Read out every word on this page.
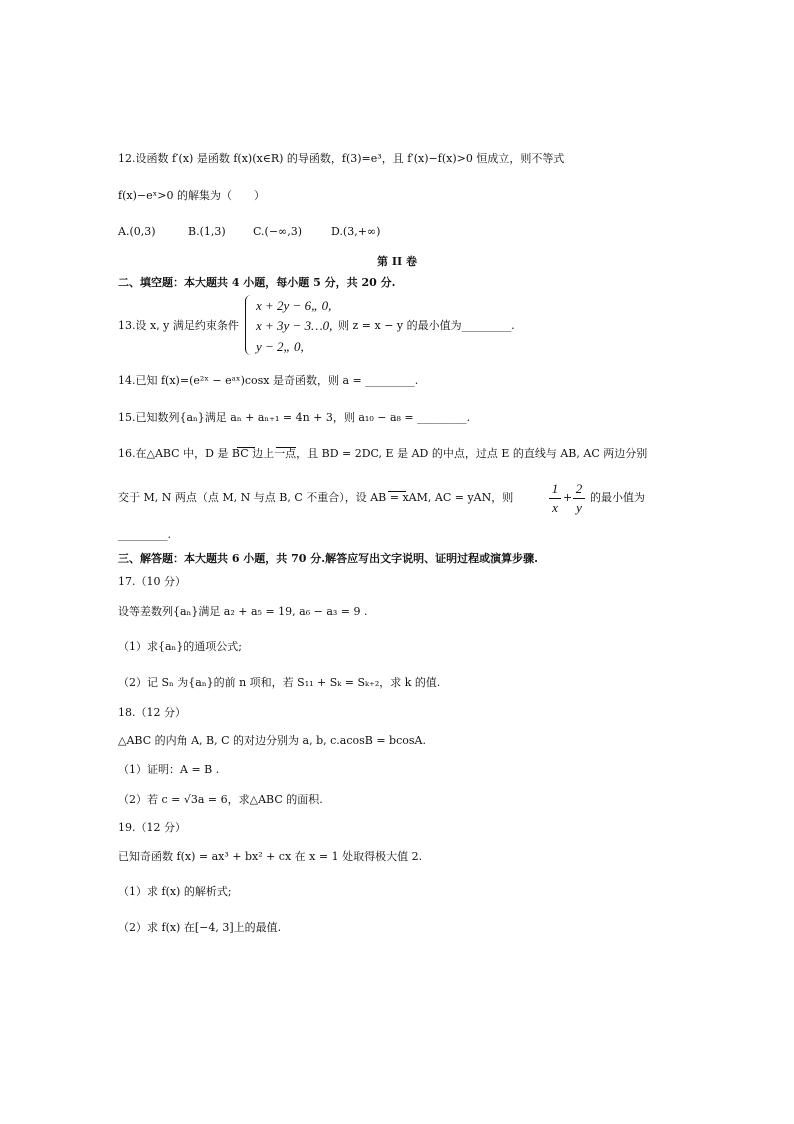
12.设函数 f′(x) 是函数 f(x)(x∈R) 的导函数，f(3)=e³，且 f′(x)−f(x)>0 恒成立，则不等式
f(x)−eˣ>0 的解集为（　　）
A.(0,3)	B.(1,3) C.(−∞,3)	D.(3,+∞)
第 II 卷
二、填空题：本大题共 4 小题，每小题 5 分，共 20 分.
13.设 x, y 满足约束条件
x + 2y − 6„ 0,
x + 3y − 3…0,
y − 2„ 0,
则 z = x − y 的最小值为_________.
14.已知 f(x)=(e²ˣ − eᵃˣ)cosx 是奇函数，则 a = _________.
15.已知数列{aₙ}满足 aₙ + aₙ₊₁ = 4n + 3，则 a₁₀ − a₈ = _________.
16.在△ABC 中，D 是 BC 边上一点，且 BD = 2DC, E 是 AD 的中点，过点 E 的直线与 AB, AC 两边分别
交于 M, N 两点（点 M, N 与点 B, C 不重合），设 AB = xAM, AC = yAN，则
1
x
+
2
y
的最小值为
_________.
三、解答题：本大题共 6 小题，共 70 分.解答应写出文字说明、证明过程或演算步骤.
17.（10 分）
设等差数列{aₙ}满足 a₂ + a₅ = 19, a₆ − a₃ = 9 .
（1）求{aₙ}的通项公式;
（2）记 Sₙ 为{aₙ}的前 n 项和，若 S₁₁ + Sₖ = Sₖ₊₂，求 k 的值.
18.（12 分）
△ABC 的内角 A, B, C 的对边分别为 a, b, c.acosB = bcosA.
（1）证明：A = B .
（2）若 c = √3a = 6，求△ABC 的面积.
19.（12 分）
已知奇函数 f(x) = ax³ + bx² + cx 在 x = 1 处取得极大值 2.
（1）求 f(x) 的解析式;
（2）求 f(x) 在[−4, 3]上的最值.
